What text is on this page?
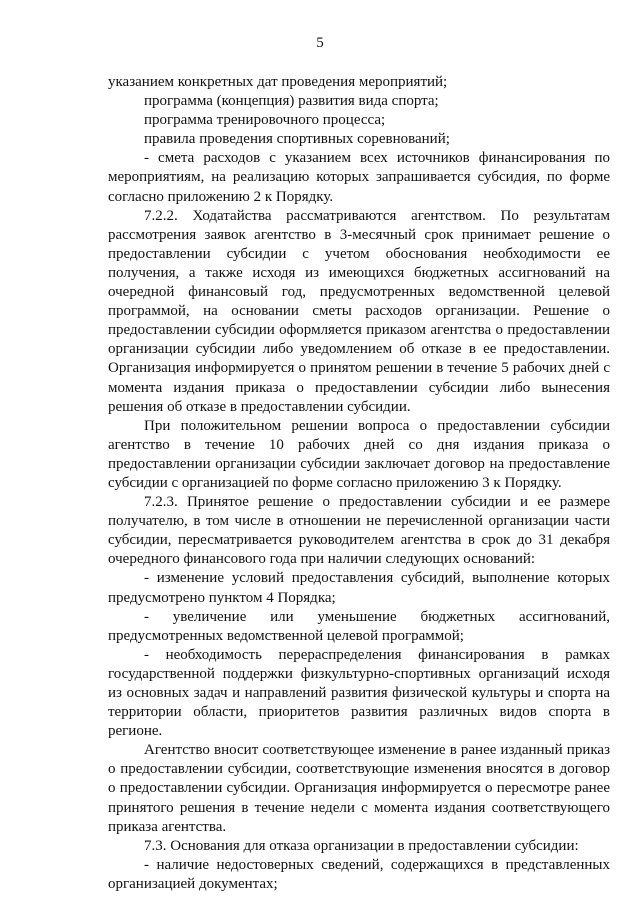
5

указанием конкретных дат проведения мероприятий;

программа (концепция) развития вида спорта;

программа тренировочного процесса;

правила проведения спортивных соревнований;

- смета расходов с указанием всех источников финансирования по мероприятиям, на реализацию которых запрашивается субсидия, по форме согласно приложению 2 к Порядку.

7.2.2. Ходатайства рассматриваются агентством. По результатам рассмотрения заявок агентство в 3-месячный срок принимает решение о предоставлении субсидии с учетом обоснования необходимости ее получения, а также исходя из имеющихся бюджетных ассигнований на очередной финансовый год, предусмотренных ведомственной целевой программой, на основании сметы расходов организации. Решение о предоставлении субсидии оформляется приказом агентства о предоставлении организации субсидии либо уведомлением об отказе в ее предоставлении. Организация информируется о принятом решении в течение 5 рабочих дней с момента издания приказа о предоставлении субсидии либо вынесения решения об отказе в предоставлении субсидии.

При положительном решении вопроса о предоставлении субсидии агентство в течение 10 рабочих дней со дня издания приказа о предоставлении организации субсидии заключает договор на предоставление субсидии с организацией по форме согласно приложению 3 к Порядку.

7.2.3. Принятое решение о предоставлении субсидии и ее размере получателю, в том числе в отношении не перечисленной организации части субсидии, пересматривается руководителем агентства в срок до 31 декабря очередного финансового года при наличии следующих оснований:

- изменение условий предоставления субсидий, выполнение которых предусмотрено пунктом 4 Порядка;

- увеличение или уменьшение бюджетных ассигнований, предусмотренных ведомственной целевой программой;

- необходимость перераспределения финансирования в рамках государственной поддержки физкультурно-спортивных организаций исходя из основных задач и направлений развития физической культуры и спорта на территории области, приоритетов развития различных видов спорта в регионе.

Агентство вносит соответствующее изменение в ранее изданный приказ о предоставлении субсидии, соответствующие изменения вносятся в договор о предоставлении субсидии. Организация информируется о пересмотре ранее принятого решения в течение недели с момента издания соответствующего приказа агентства.

7.3. Основания для отказа организации в предоставлении субсидии:

- наличие недостоверных сведений, содержащихся в представленных организацией документах;
